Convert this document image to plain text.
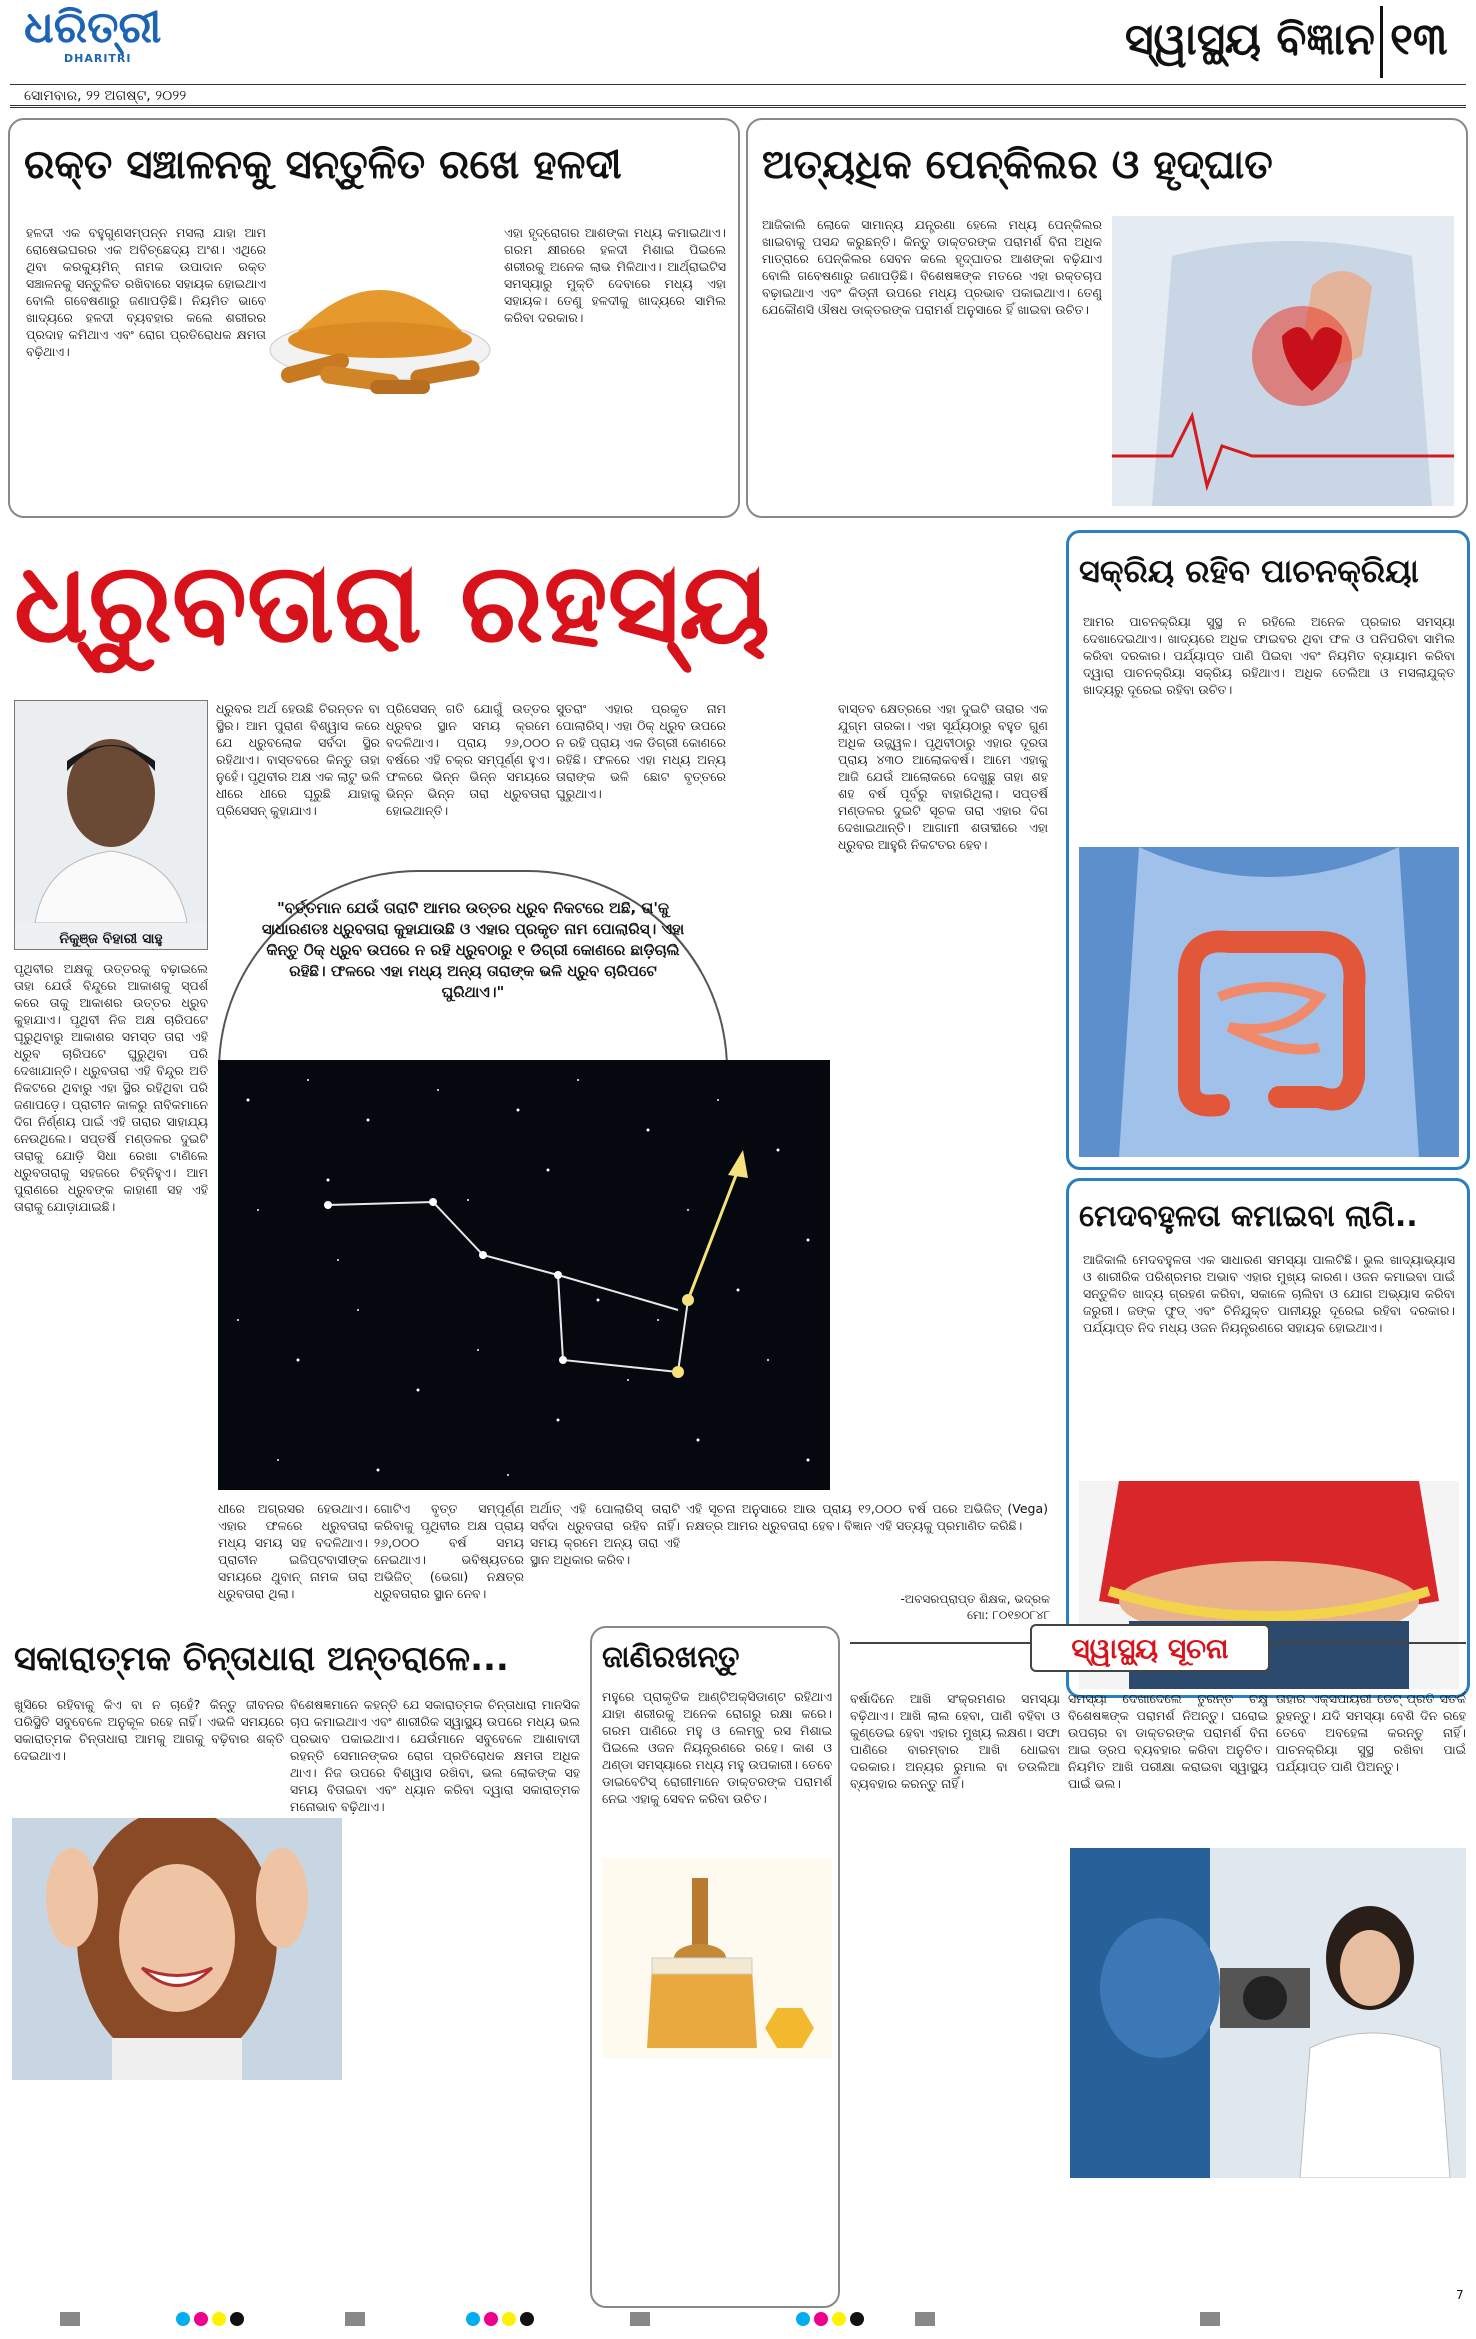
ଧରିତ୍ରୀ
DHARITRI	ସ୍ୱାସ୍ଥ୍ୟ ବିଜ୍ଞାନ ୧୩
ସୋମବାର, ୨୨ ଅଗଷ୍ଟ, ୨୦୨୨
ରକ୍ତ ସଞ୍ଚାଳନକୁ ସନ୍ତୁଳିତ ରଖେ ହଳଦୀ
ହଳଦୀ ଏକ ବହୁଗୁଣସମ୍ପନ୍ନ ମସଲା ଯାହା ଆମ ରୋଷେଇଘରର ଏକ ଅବିଚ୍ଛେଦ୍ୟ ଅଂଶ। ଏଥିରେ ଥିବା କରକ୍ୟୁମିନ୍ ନାମକ ଉପାଦାନ ରକ୍ତ ସଞ୍ଚାଳନକୁ ସନ୍ତୁଳିତ ରଖିବାରେ ସହାୟକ ହୋଇଥାଏ ବୋଲି ଗବେଷଣାରୁ ଜଣାପଡ଼ିଛି। ନିୟମିତ ଭାବେ ଖାଦ୍ୟରେ ହଳଦୀ ବ୍ୟବହାର କଲେ ଶରୀରର ପ୍ରଦାହ କମିଥାଏ ଏବଂ ରୋଗ ପ୍ରତିରୋଧକ କ୍ଷମତା ବଢ଼ିଥାଏ।
ଏହା ହୃଦ୍‌ରୋଗର ଆଶଙ୍କା ମଧ୍ୟ କମାଇଥାଏ। ଗରମ କ୍ଷୀରରେ ହଳଦୀ ମିଶାଇ ପିଇଲେ ଶରୀରକୁ ଅନେକ ଲାଭ ମିଳିଥାଏ। ଆର୍ଥ୍ରାଇଟିସ ସମସ୍ୟାରୁ ମୁକ୍ତି ଦେବାରେ ମଧ୍ୟ ଏହା ସହାୟକ। ତେଣୁ ହଳଦୀକୁ ଖାଦ୍ୟରେ ସାମିଲ କରିବା ଦରକାର।
ଅତ୍ୟଧିକ ପେନ୍‌କିଲର ଓ ହୃଦ୍‌ଘାତ
ଆଜିକାଲି ଲୋକେ ସାମାନ୍ୟ ଯନ୍ତ୍ରଣା ହେଲେ ମଧ୍ୟ ପେନ୍‌କିଲର ଖାଇବାକୁ ପସନ୍ଦ କରୁଛନ୍ତି। କିନ୍ତୁ ଡାକ୍ତରଙ୍କ ପରାମର୍ଶ ବିନା ଅଧିକ ମାତ୍ରାରେ ପେନ୍‌କିଲର ସେବନ କଲେ ହୃଦ୍‌ଘାତର ଆଶଙ୍କା ବଢ଼ିଯାଏ ବୋଲି ଗବେଷଣାରୁ ଜଣାପଡ଼ିଛି। ବିଶେଷଜ୍ଞଙ୍କ ମତରେ ଏହା ରକ୍ତଚାପ ବଢ଼ାଇଥାଏ ଏବଂ କିଡ୍‌ନୀ ଉପରେ ମଧ୍ୟ ପ୍ରଭାବ ପକାଇଥାଏ। ତେଣୁ ଯେକୌଣସି ଔଷଧ ଡାକ୍ତରଙ୍କ ପରାମର୍ଶ ଅନୁସାରେ ହିଁ ଖାଇବା ଉଚିତ।
ଧ୍ରୁବତାରା ରହସ୍ୟ
ନିକୁଞ୍ଜ ବିହାରୀ ସାହୁ
ପୃଥିବୀର ଅକ୍ଷକୁ ଉତ୍ତରକୁ ବଢ଼ାଇଲେ ତାହା ଯେଉଁ ବିନ୍ଦୁରେ ଆକାଶକୁ ସ୍ପର୍ଶ କରେ ତାକୁ ଆକାଶର ଉତ୍ତର ଧ୍ରୁବ କୁହାଯାଏ। ପୃଥିବୀ ନିଜ ଅକ୍ଷ ଚାରିପଟେ ଘୂରୁଥିବାରୁ ଆକାଶର ସମସ୍ତ ତାରା ଏହି ଧ୍ରୁବ ଚାରିପଟେ ଘୁରୁଥିବା ପରି ଦେଖାଯାନ୍ତି। ଧ୍ରୁବତାରା ଏହି ବିନ୍ଦୁର ଅତି ନିକଟରେ ଥିବାରୁ ଏହା ସ୍ଥିର ରହିଥିବା ପରି ଜଣାପଡ଼େ। ପ୍ରାଚୀନ କାଳରୁ ନାବିକମାନେ ଦିଗ ନିର୍ଣ୍ଣୟ ପାଇଁ ଏହି ତାରାର ସାହାଯ୍ୟ ନେଉଥିଲେ। ସପ୍ତର୍ଷି ମଣ୍ଡଳର ଦୁଇଟି ତାରାକୁ ଯୋଡ଼ି ସିଧା ରେଖା ଟାଣିଲେ ଧ୍ରୁବତାରାକୁ ସହଜରେ ଚିହ୍ନିହୁଏ। ଆମ ପୁରାଣରେ ଧ୍ରୁବଙ୍କ କାହାଣୀ ସହ ଏହି ତାରାକୁ ଯୋଡ଼ାଯାଇଛି।
ଧ୍ରୁବର ଅର୍ଥ ହେଉଛି ଚିରନ୍ତନ ବା ସ୍ଥିର। ଆମ ପୁରାଣ ବିଶ୍ୱାସ କରେ ଯେ ଧ୍ରୁବଲୋକ ସର୍ବଦା ସ୍ଥିର ରହିଥାଏ। ବାସ୍ତବରେ କିନ୍ତୁ ତାହା ନୁହେଁ। ପୃଥିବୀର ଅକ୍ଷ ଏକ ଲାଟୁ ଭଳି ଧୀରେ ଧୀରେ ଘୂରୁଛି ଯାହାକୁ ପ୍ରିସେସନ୍ କୁହାଯାଏ।
ପ୍ରିସେସନ୍ ଗତି ଯୋଗୁଁ ଉତ୍ତର ଧ୍ରୁବର ସ୍ଥାନ ସମୟ କ୍ରମେ ବଦଳିଥାଏ। ପ୍ରାୟ ୨୬,୦୦୦ ବର୍ଷରେ ଏହି ଚକ୍ର ସମ୍ପୂର୍ଣ୍ଣ ହୁଏ। ଫଳରେ ଭିନ୍ନ ଭିନ୍ନ ସମୟରେ ଭିନ୍ନ ଭିନ୍ନ ତାରା ଧ୍ରୁବତାରା ହୋଇଥାନ୍ତି।
ସୁତରାଂ ଏହାର ପ୍ରକୃତ ନାମ ପୋଲାରିସ୍। ଏହା ଠିକ୍ ଧ୍ରୁବ ଉପରେ ନ ରହି ପ୍ରାୟ ଏକ ଡିଗ୍ରୀ କୋଣରେ ରହିଛି। ଫଳରେ ଏହା ମଧ୍ୟ ଅନ୍ୟ ତାରାଙ୍କ ଭଳି ଛୋଟ ବୃତ୍ତରେ ଘୁରୁଥାଏ।
"ବର୍ତ୍ତମାନ ଯେଉଁ ତାରାଟି ଆମର ଉତ୍ତର ଧ୍ରୁବ ନିକଟରେ ଅଛି, ତା'କୁ ସାଧାରଣତଃ ଧ୍ରୁବତାରା କୁହାଯାଉଛି ଓ ଏହାର ପ୍ରକୃତ ନାମ ପୋଲାରିସ୍। ଏହା କିନ୍ତୁ ଠିକ୍ ଧ୍ରୁବ ଉପରେ ନ ରହି ଧ୍ରୁବଠାରୁ ୧ ଡିଗ୍ରୀ କୋଣରେ ଛାଡ଼ିଚାଲି ରହିଛି। ଫଳରେ ଏହା ମଧ୍ୟ ଅନ୍ୟ ତାରାଙ୍କ ଭଳି ଧ୍ରୁବ ଚାରିପଟେ ଘୁରିଥାଏ।"
ବାସ୍ତବ କ୍ଷେତ୍ରରେ ଏହା ଦୁଇଟି ତାରାର ଏକ ଯୁଗ୍ମ ତାରକା। ଏହା ସୂର୍ଯ୍ୟଠାରୁ ବହୁତ ଗୁଣ ଅଧିକ ଉଜ୍ଜ୍ୱଳ। ପୃଥିବୀଠାରୁ ଏହାର ଦୂରତା ପ୍ରାୟ ୪୩୦ ଆଲୋକବର୍ଷ। ଆମେ ଏହାକୁ ଆଜି ଯେଉଁ ଆଲୋକରେ ଦେଖୁଛୁ ତାହା ଶହ ଶହ ବର୍ଷ ପୂର୍ବରୁ ବାହାରିଥିଲା। ସପ୍ତର୍ଷି ମଣ୍ଡଳର ଦୁଇଟି ସୂଚକ ତାରା ଏହାର ଦିଗ ଦେଖାଇଥାନ୍ତି। ଆଗାମୀ ଶତାବ୍ଦୀରେ ଏହା ଧ୍ରୁବର ଆହୁରି ନିକଟତର ହେବ।
ଧୀରେ ଅଗ୍ରସର ହେଉଥାଏ। ଏହାର ଫଳରେ ଧ୍ରୁବତାରା ମଧ୍ୟ ସମୟ ସହ ବଦଳିଥାଏ। ପ୍ରାଚୀନ ଇଜିପ୍ଟବାସୀଙ୍କ ସମୟରେ ଥୁବାନ୍ ନାମକ ତାରା ଧ୍ରୁବତାରା ଥିଲା।
ଗୋଟିଏ ବୃତ୍ତ ସମ୍ପୂର୍ଣ୍ଣ କରିବାକୁ ପୃଥିବୀର ଅକ୍ଷ ପ୍ରାୟ ୨୬,୦୦୦ ବର୍ଷ ସମୟ ନେଇଥାଏ। ଭବିଷ୍ୟତରେ ଅଭିଜିତ୍ (ଭେଗା) ନକ୍ଷତ୍ର ଧ୍ରୁବତାରାର ସ୍ଥାନ ନେବ।
ଅର୍ଥାତ୍ ଏହି ପୋଲାରିସ୍ ତାରାଟି ସର୍ବଦା ଧ୍ରୁବତାରା ରହିବ ନାହିଁ। ସମୟ କ୍ରମେ ଅନ୍ୟ ତାରା ଏହି ସ୍ଥାନ ଅଧିକାର କରିବ।
ଏହି ସୂଚନା ଅନୁସାରେ ଆଉ ପ୍ରାୟ ୧୨,୦୦୦ ବର୍ଷ ପରେ ଅଭିଜିତ୍ (Vega) ନକ୍ଷତ୍ର ଆମର ଧ୍ରୁବତାରା ହେବ। ବିଜ୍ଞାନ ଏହି ସତ୍ୟକୁ ପ୍ରମାଣିତ କରିଛି।
-ଅବସରପ୍ରାପ୍ତ ଶିକ୍ଷକ, ଭଦ୍ରକ
ମୋ: ୮୦୧୭୦୮୪୮
ସକ୍ରିୟ ରହିବ ପାଚନକ୍ରିୟା
ଆମର ପାଚନକ୍ରିୟା ସୁସ୍ଥ ନ ରହିଲେ ଅନେକ ପ୍ରକାର ସମସ୍ୟା ଦେଖାଦେଇଥାଏ। ଖାଦ୍ୟରେ ଅଧିକ ଫାଇବର ଥିବା ଫଳ ଓ ପନିପରିବା ସାମିଲ କରିବା ଦରକାର। ପର୍ଯ୍ୟାପ୍ତ ପାଣି ପିଇବା ଏବଂ ନିୟମିତ ବ୍ୟାୟାମ କରିବା ଦ୍ୱାରା ପାଚନକ୍ରିୟା ସକ୍ରିୟ ରହିଥାଏ। ଅଧିକ ତେଲିଆ ଓ ମସଲାଯୁକ୍ତ ଖାଦ୍ୟରୁ ଦୂରେଇ ରହିବା ଉଚିତ।
ମେଦବହୁଳତା କମାଇବା ଲାଗି..
ଆଜିକାଲି ମେଦବହୁଳତା ଏକ ସାଧାରଣ ସମସ୍ୟା ପାଲଟିଛି। ଭୁଲ ଖାଦ୍ୟାଭ୍ୟାସ ଓ ଶାରୀରିକ ପରିଶ୍ରମର ଅଭାବ ଏହାର ମୁଖ୍ୟ କାରଣ। ଓଜନ କମାଇବା ପାଇଁ ସନ୍ତୁଳିତ ଖାଦ୍ୟ ଗ୍ରହଣ କରିବା, ସକାଳେ ଚାଲିବା ଓ ଯୋଗ ଅଭ୍ୟାସ କରିବା ଜରୁରୀ। ଜଙ୍କ ଫୁଡ୍ ଏବଂ ଚିନିଯୁକ୍ତ ପାନୀୟରୁ ଦୂରେଇ ରହିବା ଦରକାର। ପର୍ଯ୍ୟାପ୍ତ ନିଦ ମଧ୍ୟ ଓଜନ ନିୟନ୍ତ୍ରଣରେ ସହାୟକ ହୋଇଥାଏ।
ସକାରାତ୍ମକ ଚିନ୍ତାଧାରା ଅନ୍ତରାଳେ...
ଖୁସିରେ ରହିବାକୁ କିଏ ବା ନ ଚାହେଁ? କିନ୍ତୁ ଜୀବନର ପରିସ୍ଥିତି ସବୁବେଳେ ଅନୁକୂଳ ରହେ ନାହିଁ। ଏଭଳି ସମୟରେ ସକାରାତ୍ମକ ଚିନ୍ତାଧାରା ଆମକୁ ଆଗକୁ ବଢ଼ିବାର ଶକ୍ତି ଦେଇଥାଏ।
ବିଶେଷଜ୍ଞମାନେ କହନ୍ତି ଯେ ସକାରାତ୍ମକ ଚିନ୍ତାଧାରା ମାନସିକ ଚାପ କମାଇଥାଏ ଏବଂ ଶାରୀରିକ ସ୍ୱାସ୍ଥ୍ୟ ଉପରେ ମଧ୍ୟ ଭଲ ପ୍ରଭାବ ପକାଇଥାଏ। ଯେଉଁମାନେ ସବୁବେଳେ ଆଶାବାଦୀ ରହନ୍ତି ସେମାନଙ୍କର ରୋଗ ପ୍ରତିରୋଧକ କ୍ଷମତା ଅଧିକ ଥାଏ। ନିଜ ଉପରେ ବିଶ୍ୱାସ ରଖିବା, ଭଲ ଲୋକଙ୍କ ସହ ସମୟ ବିତାଇବା ଏବଂ ଧ୍ୟାନ କରିବା ଦ୍ୱାରା ସକାରାତ୍ମକ ମନୋଭାବ ବଢ଼ିଥାଏ।
ଜାଣିରଖନ୍ତୁ
ମହୁରେ ପ୍ରାକୃତିକ ଆଣ୍ଟିଅକ୍ସିଡାଣ୍ଟ ରହିଥାଏ ଯାହା ଶରୀରକୁ ଅନେକ ରୋଗରୁ ରକ୍ଷା କରେ। ଗରମ ପାଣିରେ ମହୁ ଓ ଲେମ୍ବୁ ରସ ମିଶାଇ ପିଇଲେ ଓଜନ ନିୟନ୍ତ୍ରଣରେ ରହେ। କାଶ ଓ ଥଣ୍ଡା ସମସ୍ୟାରେ ମଧ୍ୟ ମହୁ ଉପକାରୀ। ତେବେ ଡାଇବେଟିସ୍ ରୋଗୀମାନେ ଡାକ୍ତରଙ୍କ ପରାମର୍ଶ ନେଇ ଏହାକୁ ସେବନ କରିବା ଉଚିତ।
ସ୍ୱାସ୍ଥ୍ୟ ସୂଚନା
ବର୍ଷାଦିନେ ଆଖି ସଂକ୍ରମଣର ସମସ୍ୟା ବଢ଼ିଥାଏ। ଆଖି ଲାଲ ହେବା, ପାଣି ବହିବା ଓ କୁଣ୍ଡେଇ ହେବା ଏହାର ମୁଖ୍ୟ ଲକ୍ଷଣ। ସଫା ପାଣିରେ ବାରମ୍ବାର ଆଖି ଧୋଇବା ଦରକାର। ଅନ୍ୟର ରୁମାଲ ବା ତଉଲିଆ ବ୍ୟବହାର କରନ୍ତୁ ନାହିଁ।
ସମସ୍ୟା ଦେଖାଦେଲେ ତୁରନ୍ତ ଚକ୍ଷୁ ବିଶେଷଜ୍ଞଙ୍କ ପରାମର୍ଶ ନିଅନ୍ତୁ। ଘରୋଇ ଉପଚାର ବା ଡାକ୍ତରଙ୍କ ପରାମର୍ଶ ବିନା ଆଇ ଡ୍ରପ ବ୍ୟବହାର କରିବା ଅନୁଚିତ। ନିୟମିତ ଆଖି ପରୀକ୍ଷା କରାଇବା ସ୍ୱାସ୍ଥ୍ୟ ପାଇଁ ଭଲ।
ତାହାର ଏକ୍ସପାୟରୀ ଡେଟ୍ ପ୍ରତି ସତର୍କ ରୁହନ୍ତୁ। ଯଦି ସମସ୍ୟା ବେଶି ଦିନ ରହେ ତେବେ ଅବହେଳା କରନ୍ତୁ ନାହିଁ। ପାଚନକ୍ରିୟା ସୁସ୍ଥ ରଖିବା ପାଇଁ ପର୍ଯ୍ୟାପ୍ତ ପାଣି ପିଅନ୍ତୁ।
7
